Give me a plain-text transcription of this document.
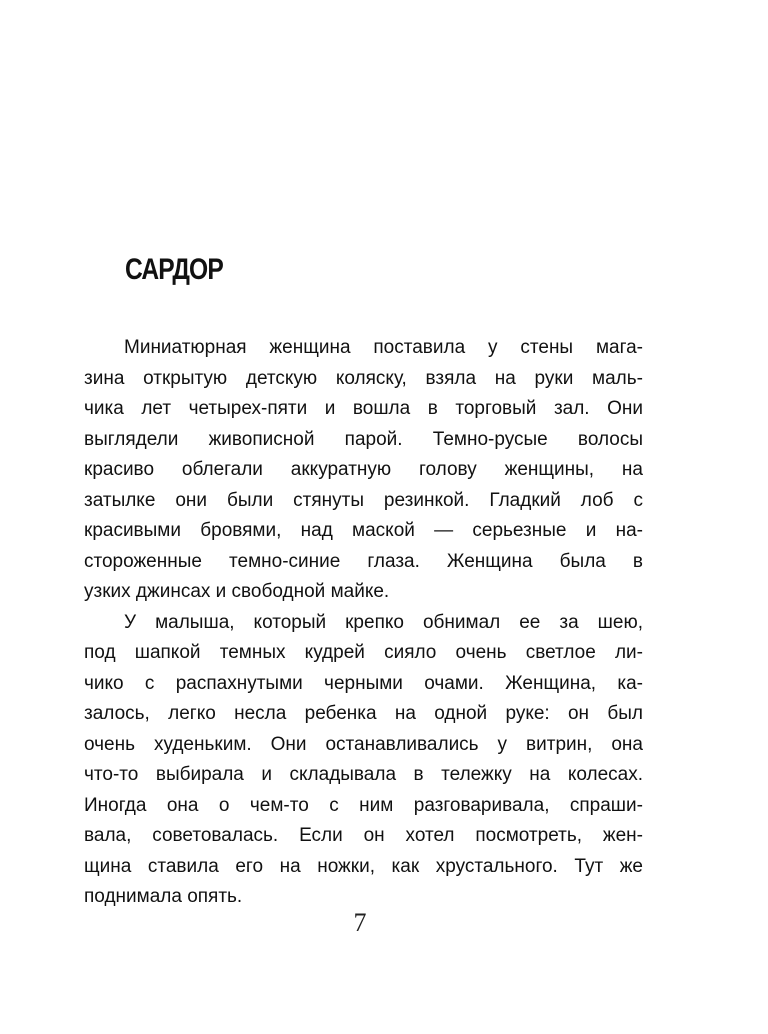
САРДОР
Миниатюрная женщина поставила у стены мага-
зина открытую детскую коляску, взяла на руки маль-
чика лет четырех-пяти и вошла в торговый зал. Они
выглядели живописной парой. Темно-русые волосы
красиво облегали аккуратную голову женщины, на
затылке они были стянуты резинкой. Гладкий лоб с
красивыми бровями, над маской — серьезные и на-
стороженные темно-синие глаза. Женщина была в
узких джинсах и свободной майке.
У малыша, который крепко обнимал ее за шею,
под шапкой темных кудрей сияло очень светлое ли-
чико с распахнутыми черными очами. Женщина, ка-
залось, легко несла ребенка на одной руке: он был
очень худеньким. Они останавливались у витрин, она
что-то выбирала и складывала в тележку на колесах.
Иногда она о чем-то с ним разговаривала, спраши-
вала, советовалась. Если он хотел посмотреть, жен-
щина ставила его на ножки, как хрустального. Тут же
поднимала опять.
7
